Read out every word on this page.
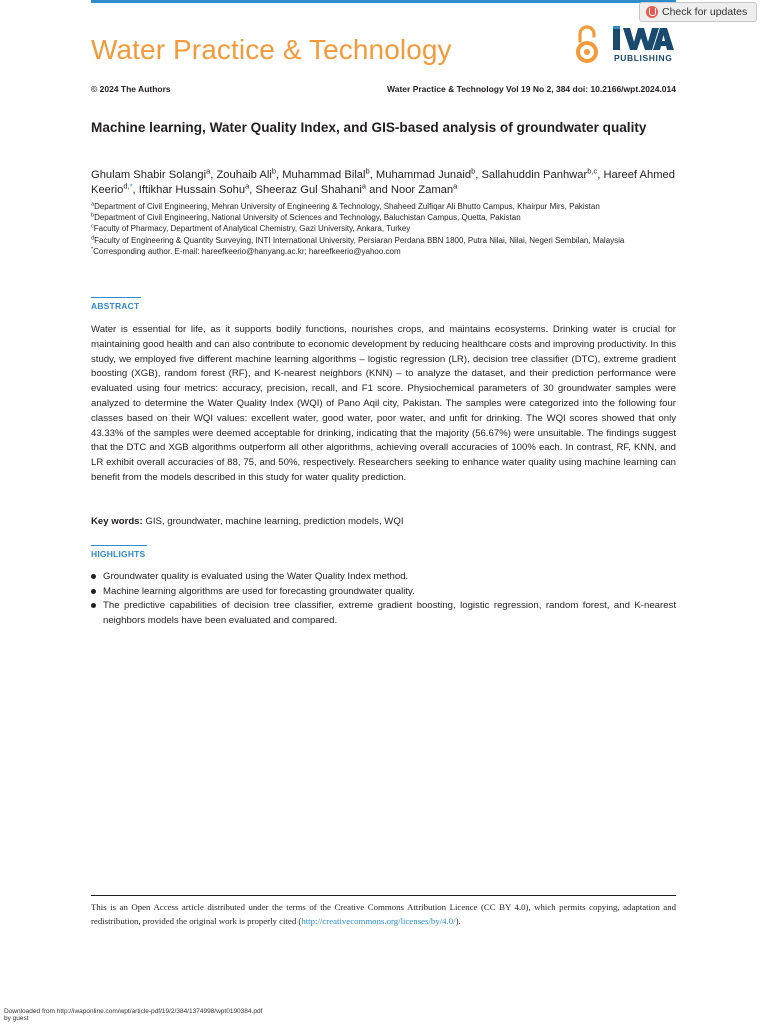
Check for updates
Water Practice & Technology	PUBLISHING
© 2024 The Authors	Water Practice & Technology Vol 19 No 2, 384 doi: 10.2166/wpt.2024.014
Machine learning, Water Quality Index, and GIS-based analysis of groundwater quality

Ghulam Shabir Solangi$^a$, Zouhaib Ali$^b$, Muhammad Bilal$^b$, Muhammad Junaid$^b$, Sallahuddin Panhwar$^{b,c}$, Hareef Ahmed Keerio$^{d,*}$, Iftikhar Hussain Sohu$^a$, Sheeraz Gul Shahani$^a$ and Noor Zaman$^a$

$^a$Department of Civil Engineering, Mehran University of Engineering & Technology, Shaheed Zulfiqar Ali Bhutto Campus, Khairpur Mirs, Pakistan
$^b$Department of Civil Engineering, National University of Sciences and Technology, Baluchistan Campus, Quetta, Pakistan
$^c$Faculty of Pharmacy, Department of Analytical Chemistry, Gazi University, Ankara, Turkey
$^d$Faculty of Engineering & Quantity Surveying, INTI International University, Persiaran Perdana BBN 1800, Putra Nilai, Nilai, Negeri Sembilan, Malaysia
*Corresponding author. E-mail: hareefkeerio@hanyang.ac.kr; hareefkeerio@yahoo.com
ABSTRACT

Water is essential for life, as it supports bodily functions, nourishes crops, and maintains ecosystems. Drinking water is crucial for maintaining good health and can also contribute to economic development by reducing healthcare costs and improving productivity. In this study, we employed five different machine learning algorithms – logistic regression (LR), decision tree classifier (DTC), extreme gradient boosting (XGB), random forest (RF), and K-nearest neighbors (KNN) – to analyze the dataset, and their prediction performance were evaluated using four metrics: accuracy, precision, recall, and F1 score. Physiochemical parameters of 30 groundwater samples were analyzed to determine the Water Quality Index (WQI) of Pano Aqil city, Pakistan. The samples were categorized into the following four classes based on their WQI values: excellent water, good water, poor water, and unfit for drinking. The WQI scores showed that only 43.33% of the samples were deemed acceptable for drinking, indicating that the majority (56.67%) were unsuitable. The findings suggest that the DTC and XGB algorithms outperform all other algorithms, achieving overall accuracies of 100% each. In contrast, RF, KNN, and LR exhibit overall accuracies of 88, 75, and 50%, respectively. Researchers seeking to enhance water quality using machine learning can benefit from the models described in this study for water quality prediction.

Key words: GIS, groundwater, machine learning, prediction models, WQI
HIGHLIGHTS
Groundwater quality is evaluated using the Water Quality Index method.
Machine learning algorithms are used for forecasting groundwater quality.
The predictive capabilities of decision tree classifier, extreme gradient boosting, logistic regression, random forest, and K-nearest neighbors models have been evaluated and compared.

This is an Open Access article distributed under the terms of the Creative Commons Attribution Licence (CC BY 4.0), which permits copying, adaptation and redistribution, provided the original work is properly cited (http://creativecommons.org/licenses/by/4.0/).

Downloaded from http://iwaponline.com/wpt/article-pdf/19/2/384/1374998/wpt0190384.pdf
by guest
